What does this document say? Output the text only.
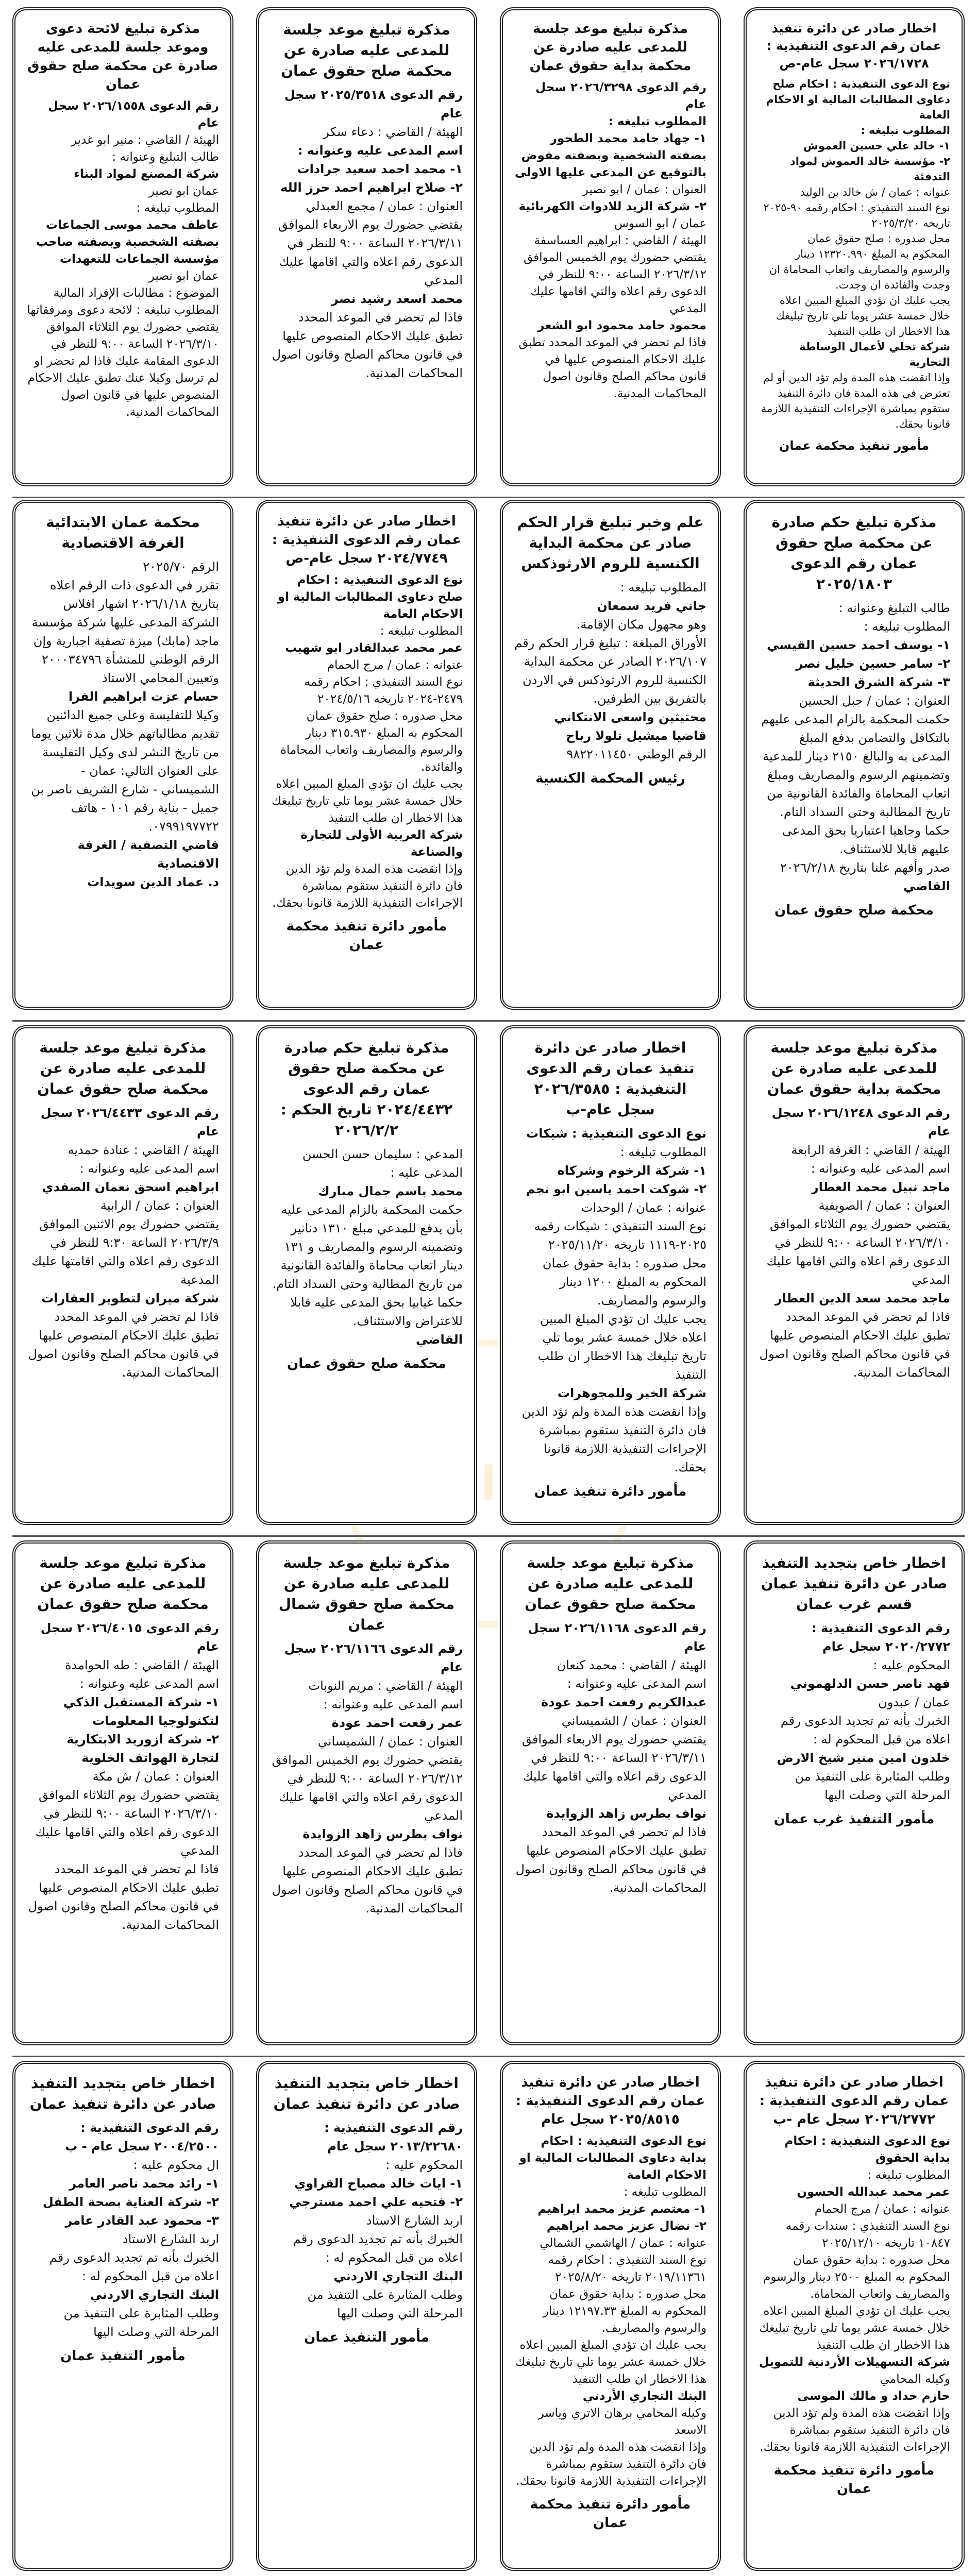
ا
اخطار صادر عن دائرة تنفيذ عمان رقم الدعوى التنفيذية : ٢٠٢٦/١٧٢٨ سجل عام-ص
نوع الدعوى التنفيذية : احكام صلح دعاوى المطالبات المالية او الاحكام العامة
المطلوب تبليغه :
١- خالد علي حسين العموش
٢- مؤسسة خالد العموش لمواد التدفئة
عنوانه : عمان / ش خالد بن الوليد
نوع السند التنفيذي : احكام رقمه ٩٠-٢٠٢٥ تاريخه ٢٠٢٥/٣/٢٠
محل صدوره : صلح حقوق عمان
المحكوم به المبلغ ١٢٣٢٠.٩٩٠ دينار والرسوم والمصاريف واتعاب المحاماة ان وجدت والفائدة ان وجدت.
يجب عليك ان تؤدي المبلغ المبين اعلاه خلال خمسة عشر يوما تلي تاريخ تبليغك هذا الاخطار ان طلب التنفيذ
شركة تحلي لأعمال الوساطة التجارية
وإذا انقضت هذه المدة ولم تؤد الدين أو لم تعترض في هذه المدة فان دائرة التنفيذ ستقوم بمباشرة الإجراءات التنفيذية اللازمة قانونا بحقك.
مأمور تنفيذ محكمة عمان
مذكرة تبليغ موعد جلسة للمدعى عليه صادرة عن محكمة بداية حقوق عمان
رقم الدعوى ٢٠٢٦/٣٢٩٨ سجل عام
المطلوب تبليغه :
١- جهاد حامد محمد الطحور بصفته الشخصية وبصفته مفوض بالتوقيع عن المدعى عليها الاولى
العنوان : عمان / ابو نصير
٢- شركة الزيد للادوات الكهربائية
عمان / ابو السوس
الهيئة / القاضي : ابراهيم العساسفة
يقتضي حضورك يوم الخميس الموافق ٢٠٢٦/٣/١٢ الساعة ٩:٠٠ للنظر في الدعوى رقم اعلاه والتي اقامها عليك المدعي
محمود حامد محمود ابو الشعر
فاذا لم تحضر في الموعد المحدد تطبق عليك الاحكام المنصوص عليها في قانون محاكم الصلح وقانون اصول المحاكمات المدنية.
مذكرة تبليغ موعد جلسة للمدعى عليه صادرة عن محكمة صلح حقوق عمان
رقم الدعوى ٢٠٢٥/٣٥١٨ سجل عام
الهيئة / القاضي : دعاء سكر
اسم المدعى عليه وعنوانه :
١- محمد احمد سعيد جرادات
٢- صلاح ابراهيم احمد حرز الله
العنوان : عمان / مجمع العبدلي
يقتضي حضورك يوم الاربعاء الموافق ٢٠٢٦/٣/١١ الساعة ٩:٠٠ للنظر في الدعوى رقم اعلاه والتي اقامها عليك المدعي
محمد اسعد رشيد نصر
فاذا لم تحضر في الموعد المحدد تطبق عليك الاحكام المنصوص عليها في قانون محاكم الصلح وقانون اصول المحاكمات المدنية.
مذكرة تبليغ لائحة دعوى وموعد جلسة للمدعى عليه صادرة عن محكمة صلح حقوق عمان
رقم الدعوى ٢٠٢٦/١٥٥٨ سجل عام
الهيئة / القاضي : منير ابو غدير
طالب التبليغ وعنوانه :
شركة المصنع لمواد البناء
عمان ابو نصير
المطلوب تبليغه :
عاطف محمد موسى الجماعات بصفته الشخصية وبصفته صاحب مؤسسة الجماعات للتعهدات
عمان ابو نصير
الموضوع : مطالبات الإفراد المالية
المطلوب تبليغه : لائحة دعوى ومرفقاتها
يقتضي حضورك يوم الثلاثاء الموافق ٢٠٢٦/٣/١٠ الساعة ٩:٠٠ للنظر في الدعوى المقامة عليك فاذا لم تحضر او لم ترسل وكيلا عنك تطبق عليك الاحكام المنصوص عليها في قانون اصول المحاكمات المدنية.
مذكرة تبليغ حكم صادرة عن محكمة صلح حقوق عمان رقم الدعوى ٢٠٢٥/١٨٠٣
طالب التبليغ وعنوانه :
المطلوب تبليغه :
١- يوسف احمد حسين القيسي
٢- سامر حسين خليل نصر
٣- شركة الشرق الحديثة
العنوان : عمان / جبل الحسين
حكمت المحكمة بالزام المدعى عليهم بالتكافل والتضامن بدفع المبلغ المدعى به والبالغ ٢١٥٠ دينار للمدعية وتضمينهم الرسوم والمصاريف ومبلغ اتعاب المحاماة والفائدة القانونية من تاريخ المطالبة وحتى السداد التام.
حكما وجاهيا اعتباريا بحق المدعى عليهم قابلا للاستئناف.
صدر وأفهم علنا بتاريخ ٢٠٢٦/٢/١٨
القاضي
محكمة صلح حقوق عمان
علم وخبر تبليغ قرار الحكم صادر عن محكمة البداية الكنسية للروم الارثوذكس
المطلوب تبليغه :
جاني فريد سمعان
وهو مجهول مكان الإقامة.
الأوراق المبلغة : تبليغ قرار الحكم رقم ٢٠٢٦/١٠٧ الصادر عن محكمة البداية الكنسية للروم الارثوذكس في الاردن بالتفريق بين الطرفين.
محتيثين واسعى الانتكاني
قاضيا ميشيل تلولا رباح
الرقم الوطني ٩٨٢٢٠١١٤٥٠
رئيس المحكمة الكنسية
اخطار صادر عن دائرة تنفيذ عمان رقم الدعوى التنفيذية : ٢٠٢٤/٧٧٤٩ سجل عام-ص
نوع الدعوى التنفيذية : احكام صلح دعاوى المطالبات المالية او الاحكام العامة
المطلوب تبليغه :
عمر محمد عبدالقادر ابو شهيب
عنوانه : عمان / مرج الحمام
نوع السند التنفيذي : احكام رقمه ٢٤٧٩-٢٠٢٤ تاريخه ٢٠٢٤/٥/١٦
محل صدوره : صلح حقوق عمان
المحكوم به المبلغ ٣١٥.٩٣٠ دينار والرسوم والمصاريف واتعاب المحاماة والفائدة.
يجب عليك ان تؤدي المبلغ المبين اعلاه خلال خمسة عشر يوما تلي تاريخ تبليغك هذا الاخطار ان طلب التنفيذ
شركة العربية الأولى للتجارة والصناعة
وإذا انقضت هذه المدة ولم تؤد الدين فان دائرة التنفيذ ستقوم بمباشرة الإجراءات التنفيذية اللازمة قانونا بحقك.
مأمور دائرة تنفيذ محكمة عمان
محكمة عمان الابتدائية الغرفة الاقتصادية
الرقم ٢٠٢٥/٧٠
تقرر في الدعوى ذات الرقم اعلاه بتاريخ ٢٠٢٦/١/١٨ اشهار افلاس الشركة المدعى عليها شركة مؤسسة ماجد (مابك) ميزة تصفية اجبارية وإن الرقم الوطني للمنشأة ٢٠٠٠٣٤٧٩٦ وتعيين المحامي الاستاذ
حسام عزت ابراهيم الفرا
وكيلا للتفليسة وعلى جميع الدائنين تقديم مطالباتهم خلال مدة ثلاثين يوما من تاريخ النشر لدى وكيل التفليسة على العنوان التالي: عمان - الشميساني - شارع الشريف ناصر بن جميل - بناية رقم ١٠١ - هاتف ٠٧٩٩١٩٧٧٢٢.
قاضي التصفية / الغرفة الاقتصادية
د. عماد الدين سويدات
مذكرة تبليغ موعد جلسة للمدعى عليه صادرة عن محكمة بداية حقوق عمان
رقم الدعوى ٢٠٢٦/١٢٤٨ سجل عام
الهيئة / القاضي : الغرفة الرابعة
اسم المدعى عليه وعنوانه :
ماجد نبيل محمد العطار
العنوان : عمان / الصويفية
يقتضي حضورك يوم الثلاثاء الموافق ٢٠٢٦/٣/١٠ الساعة ٩:٠٠ للنظر في الدعوى رقم اعلاه والتي اقامها عليك المدعي
ماجد محمد سعد الدين العطار
فاذا لم تحضر في الموعد المحدد تطبق عليك الاحكام المنصوص عليها في قانون محاكم الصلح وقانون اصول المحاكمات المدنية.
اخطار صادر عن دائرة تنفيذ عمان رقم الدعوى التنفيذية : ٢٠٢٦/٣٥٨٥ سجل عام-ب
نوع الدعوى التنفيذية : شيكات
المطلوب تبليغه :
١- شركة الرخوم وشركاه
٢- شوكت احمد ياسين ابو نجم
عنوانه : عمان / الوحدات
نوع السند التنفيذي : شيكات رقمه ٢٠٢٥-١١١٩ تاريخه ٢٠٢٥/١١/٢٠
محل صدوره : بداية حقوق عمان
المحكوم به المبلغ ١٢٠٠ دينار والرسوم والمصاريف.
يجب عليك ان تؤدي المبلغ المبين اعلاه خلال خمسة عشر يوما تلي تاريخ تبليغك هذا الاخطار ان طلب التنفيذ
شركة الخير وللمجوهرات
وإذا انقضت هذه المدة ولم تؤد الدين فان دائرة التنفيذ ستقوم بمباشرة الإجراءات التنفيذية اللازمة قانونا بحقك.
مأمور دائرة تنفيذ عمان
مذكرة تبليغ حكم صادرة عن محكمة صلح حقوق عمان رقم الدعوى ٢٠٢٤/٤٤٣٢ تاريخ الحكم : ٢٠٢٦/٢/٢
المدعي : سليمان حسن الحسن
المدعى عليه :
محمد باسم جمال مبارك
حكمت المحكمة بالزام المدعى عليه بأن يدفع للمدعي مبلغ ١٣١٠ دنانير وتضمينه الرسوم والمصاريف و ١٣١ دينار اتعاب محاماة والفائدة القانونية من تاريخ المطالبة وحتى السداد التام.
حكما غيابيا بحق المدعى عليه قابلا للاعتراض والاستئناف.
القاضي
محكمة صلح حقوق عمان
مذكرة تبليغ موعد جلسة للمدعى عليه صادرة عن محكمة صلح حقوق عمان
رقم الدعوى ٢٠٢٦/٤٤٣٣ سجل عام
الهيئة / القاضي : عنادة حمديه
اسم المدعى عليه وعنوانه :
ابراهيم اسحق نعمان الصفدي
العنوان : عمان / الرابية
يقتضي حضورك يوم الاثنين الموافق ٢٠٢٦/٣/٩ الساعة ٩:٣٠ للنظر في الدعوى رقم اعلاه والتي اقامتها عليك المدعية
شركة ميران لتطوير العقارات
فاذا لم تحضر في الموعد المحدد تطبق عليك الاحكام المنصوص عليها في قانون محاكم الصلح وقانون اصول المحاكمات المدنية.
اخطار خاص بتجديد التنفيذ صادر عن دائرة تنفيذ عمان قسم غرب عمان
رقم الدعوى التنفيذية : ٢٠٢٠/٢٧٧٢ سجل عام
المحكوم عليه :
فهد ناصر حسن الدلهموني
عمان / عبدون
الخبرك بأنه تم تجديد الدعوى رقم اعلاه من قبل المحكوم له :
خلدون امين منير شيخ الارض
وطلب المثابرة على التنفيذ من المرحلة التي وصلت اليها
مأمور التنفيذ غرب عمان
مذكرة تبليغ موعد جلسة للمدعى عليه صادرة عن محكمة صلح حقوق عمان
رقم الدعوى ٢٠٢٦/١١٦٨ سجل عام
الهيئة / القاضي : محمد كنعان
اسم المدعى عليه وعنوانه :
عبدالكريم رفعت احمد عودة
العنوان : عمان / الشميساني
يقتضي حضورك يوم الاربعاء الموافق ٢٠٢٦/٣/١١ الساعة ٩:٠٠ للنظر في الدعوى رقم اعلاه والتي اقامها عليك المدعي
نواف بطرس زاهد الزوايدة
فاذا لم تحضر في الموعد المحدد تطبق عليك الاحكام المنصوص عليها في قانون محاكم الصلح وقانون اصول المحاكمات المدنية.
مذكرة تبليغ موعد جلسة للمدعى عليه صادرة عن محكمة صلح حقوق شمال عمان
رقم الدعوى ٢٠٢٦/١١٦٦ سجل عام
الهيئة / القاضي : مريم النوبات
اسم المدعى عليه وعنوانه :
عمر رفعت احمد عودة
العنوان : عمان / الشميساني
يقتضي حضورك يوم الخميس الموافق ٢٠٢٦/٣/١٢ الساعة ٩:٠٠ للنظر في الدعوى رقم اعلاه والتي اقامها عليك المدعي
نواف بطرس زاهد الزوايدة
فاذا لم تحضر في الموعد المحدد تطبق عليك الاحكام المنصوص عليها في قانون محاكم الصلح وقانون اصول المحاكمات المدنية.
مذكرة تبليغ موعد جلسة للمدعى عليه صادرة عن محكمة صلح حقوق عمان
رقم الدعوى ٢٠٢٦/٤٠١٥ سجل عام
الهيئة / القاضي : طه الحوامدة
اسم المدعى عليه وعنوانه :
١- شركة المستقبل الذكي لتكنولوجيا المعلومات
٢- شركة ازوريد الابتكارية لتجارة الهواتف الخلوية
العنوان : عمان / ش مكة
يقتضي حضورك يوم الثلاثاء الموافق ٢٠٢٦/٣/١٠ الساعة ٩:٠٠ للنظر في الدعوى رقم اعلاه والتي اقامها عليك المدعي
فاذا لم تحضر في الموعد المحدد تطبق عليك الاحكام المنصوص عليها في قانون محاكم الصلح وقانون اصول المحاكمات المدنية.
اخطار صادر عن دائرة تنفيذ عمان رقم الدعوى التنفيذية : ٢٠٢٦/٢٧٧٢ سجل عام -ب
نوع الدعوى التنفيذية : احكام بداية الحقوق
المطلوب تبليغه :
عمر محمد عبدالله الحسون
عنوانه : عمان / مرج الحمام
نوع السند التنفيذي : سندات رقمه ١٠٨٤٧ تاريخه ٢٠٢٥/١٢/١٠
محل صدوره : بداية حقوق عمان
المحكوم به المبلغ ٢٥٠٠ دينار والرسوم والمصاريف واتعاب المحاماة.
يجب عليك ان تؤدي المبلغ المبين اعلاه خلال خمسة عشر يوما تلي تاريخ تبليغك هذا الاخطار ان طلب التنفيذ
شركة التسهيلات الأردنية للتمويل
وكيله المحامي
حازم حداد و مالك الموسى
وإذا انقضت هذه المدة ولم تؤد الدين فان دائرة التنفيذ ستقوم بمباشرة الإجراءات التنفيذية اللازمة قانونا بحقك.
مأمور دائرة تنفيذ محكمة عمان
اخطار صادر عن دائرة تنفيذ عمان رقم الدعوى التنفيذية : ٢٠٢٥/٨٥١٥ سجل عام
نوع الدعوى التنفيذية : احكام بداية دعاوى المطالبات المالية او الاحكام العامة
المطلوب تبليغه :
١- معتصم عزيز محمد ابراهيم
٢- نضال عزيز محمد ابراهيم
عنوانه : عمان / الهاشمي الشمالي
نوع السند التنفيذي : احكام رقمه ٢٠١٩/١١٣٦١ تاريخه ٢٠٢٥/٨/٢٠
محل صدوره : بداية حقوق عمان
المحكوم به المبلغ ١٢١٩٧.٣٣ دينار والرسوم والمصاريف.
يجب عليك ان تؤدي المبلغ المبين اعلاه خلال خمسة عشر يوما تلي تاريخ تبليغك هذا الاخطار ان طلب التنفيذ
البنك التجاري الأردني
وكيله المحامي برهان الاتري وياسر الاسعد
وإذا انقضت هذه المدة ولم تؤد الدين فان دائرة التنفيذ ستقوم بمباشرة الإجراءات التنفيذية اللازمة قانونا بحقك.
مأمور دائرة تنفيذ محكمة عمان
اخطار خاص بتجديد التنفيذ صادر عن دائرة تنفيذ عمان
رقم الدعوى التنفيذية : ٢٠١٣/٢٢٦٨٠ سجل عام
المحكوم عليه :
١- ايات خالد مصباح القراوي
٢- فتحيه علي احمد مسترجي
اربد الشارع الاستاد
الخبرك بأنه تم تجديد الدعوى رقم اعلاه من قبل المحكوم له :
البنك التجاري الاردني
وطلب المثابرة على التنفيذ من المرحلة التي وصلت اليها
مأمور التنفيذ عمان
اخطار خاص بتجديد التنفيذ صادر عن دائرة تنفيذ عمان
رقم الدعوى التنفيذية : ٢٠٠٤/٢٥٠٠ سجل عام - ب
ال محكوم عليه :
١- رائد محمد ناصر العامر
٢- شركة العناية بصحة الطفل
٣- محمود عبد القادر عامر
اربد الشارع الاستاد
الخبرك بأنه تم تجديد الدعوى رقم اعلاه من قبل المحكوم له :
البنك التجاري الاردني
وطلب المثابرة على التنفيذ من المرحلة التي وصلت اليها
مأمور التنفيذ عمان
